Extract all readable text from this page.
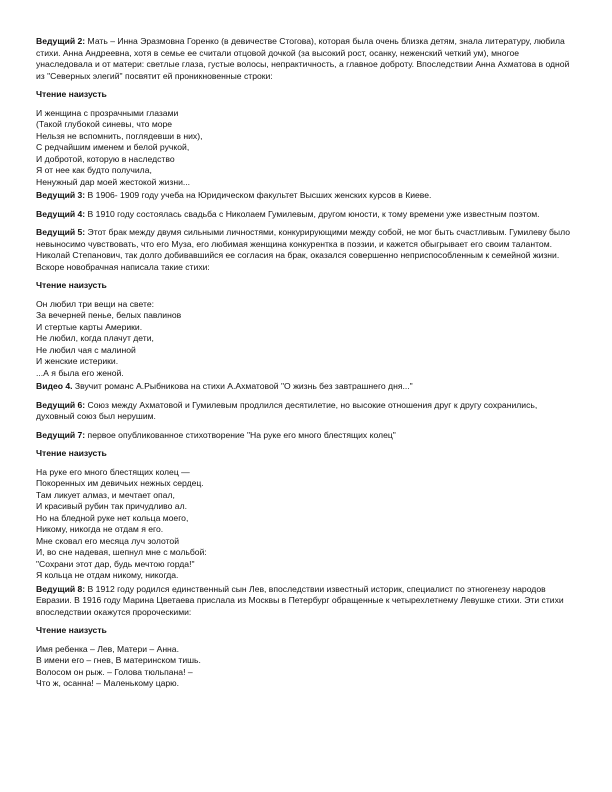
Ведущий 2: Мать – Инна Эразмовна Горенко (в девичестве Стогова), которая была очень близка детям, знала литературу, любила стихи. Анна Андреевна, хотя в семье ее считали отцовой дочкой (за высокий рост, осанку, неженский четкий ум), многое унаследовала и от матери: светлые глаза, густые волосы, непрактичность, а главное доброту. Впоследствии Анна Ахматова в одной из "Северных элегий" посвятит ей проникновенные строки:

Чтение наизусть
И женщина с прозрачными глазами
(Такой глубокой синевы, что море
Нельзя не вспомнить, поглядевши в них),
С редчайшим именем и белой ручкой,
И добротой, которую в наследство
Я от нее как будто получила,
Ненужный дар моей жестокой жизни...

Ведущий 3: В 1906- 1909 году учеба на Юридическом факультет Высших женских курсов в Киеве.

Ведущий 4: В 1910 году состоялась свадьба с Николаем Гумилевым, другом юности, к тому времени уже известным поэтом.

Ведущий 5: Этот брак между двумя сильными личностями, конкурирующими между собой, не мог быть счастливым. Гумилеву было невыносимо чувствовать, что его Муза, его любимая женщина конкурентка в поэзии, и кажется обыгрывает его своим талантом. Николай Степанович, так долго добивавшийся ее согласия на брак, оказался совершенно неприспособленным к семейной жизни. Вскоре новобрачная написала такие стихи:

Чтение наизусть
Он любил три вещи на свете:
За вечерней пенье, белых павлинов
И стертые карты Америки.
Не любил, когда плачут дети,
Не любил чая с малиной
И женские истерики.
...А я была его женой.

Видео 4. Звучит романс А.Рыбникова на стихи А.Ахматовой "О жизнь без завтрашнего дня..."

Ведущий 6: Союз между Ахматовой и Гумилевым продлился десятилетие, но высокие отношения друг к другу сохранились, духовный союз был нерушим.

Ведущий 7: первое опубликованное стихотворение "На руке его много блестящих колец"

Чтение наизусть
На руке его много блестящих колец —
Покоренных им девичьих нежных сердец.
Там ликует алмаз, и мечтает опал,
И красивый рубин так причудливо ал.
Но на бледной руке нет кольца моего,
Никому, никогда не отдам я его.
Мне сковал его месяца луч золотой
И, во сне надевая, шепнул мне с мольбой:
"Сохрани этот дар, будь мечтою горда!"
Я кольца не отдам никому, никогда.

Ведущий 8: В 1912 году родился единственный сын Лев, впоследствии известный историк, специалист по этногенезу народов Евразии. В 1916 году Марина Цветаева прислала из Москвы в Петербург обращенные к четырехлетнему Левушке стихи. Эти стихи впоследствии окажутся пророческими:

Чтение наизусть
Имя ребенка – Лев, Матери – Анна.
В имени его – гнев, В материнском тишь.
Волосом он рыж. – Голова тюльпана! –
Что ж, осанна! – Маленькому царю.
